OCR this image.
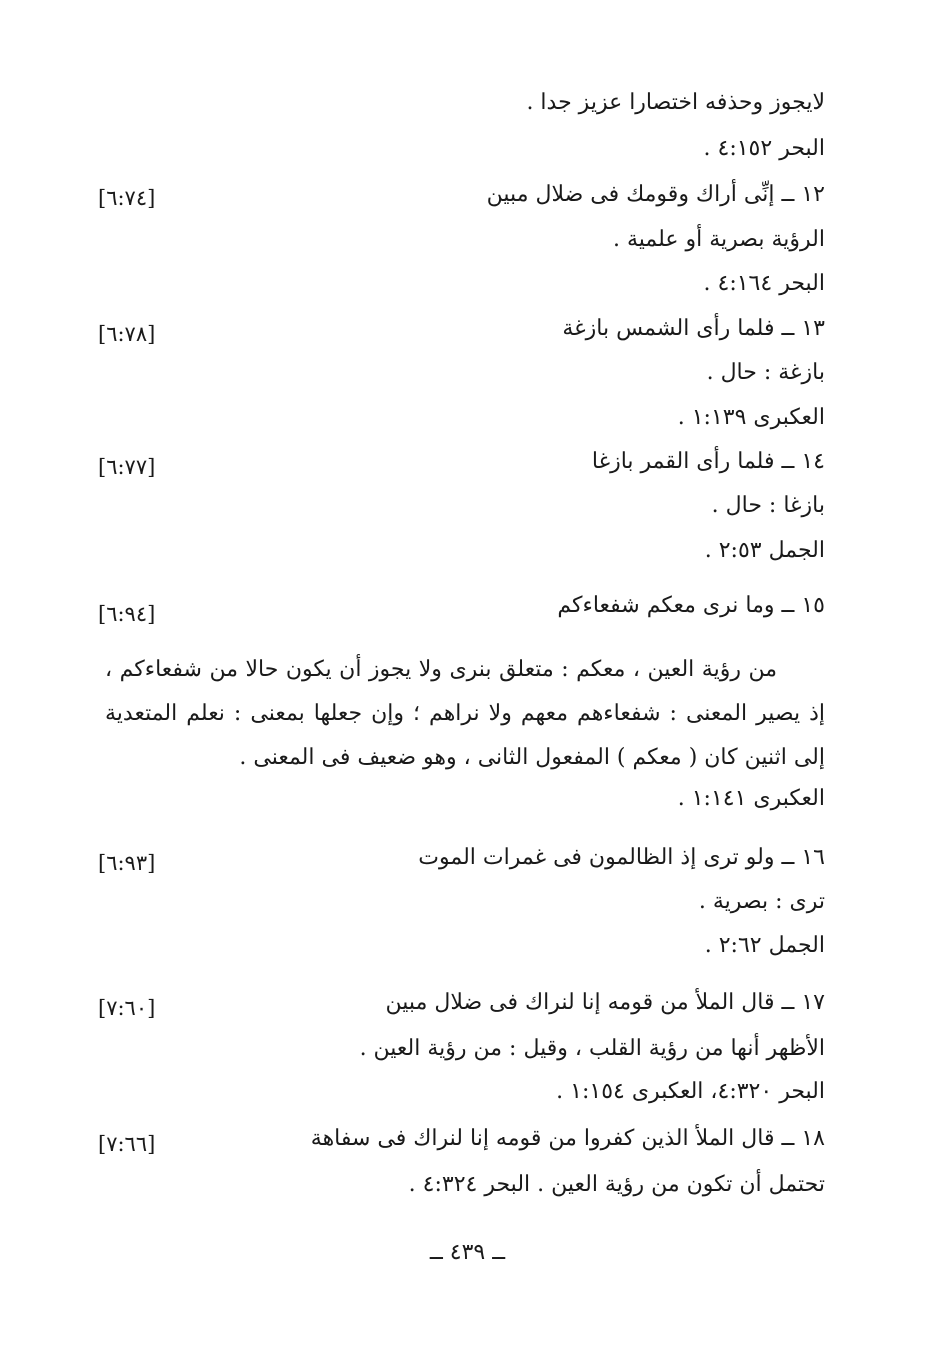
لايجوز وحذفه اختصارا عزيز جدا .
البحر ٤:١٥٢ .
١٢ ــ إنِّى أراك وقومك فى ضلال مبين
[٦:٧٤]
الرؤية بصرية أو علمية .
البحر ٤:١٦٤ .
١٣ ــ فلما رأى الشمس بازغة
[٦:٧٨]
بازغة : حال .
العكبرى ١:١٣٩ .
١٤ ــ فلما رأى القمر بازغا
[٦:٧٧]
بازغا : حال .
الجمل ٢:٥٣ .
١٥ ــ وما نرى معكم شفعاءكم
[٦:٩٤]
من رؤية العين ، معكم : متعلق بنرى ولا يجوز أن يكون حالا من شفعاءكم ، إذ يصير المعنى : شفعاءهم معهم ولا نراهم ؛ وإن جعلها بمعنى : نعلم المتعدية إلى اثنين كان ( معكم ) المفعول الثانى ، وهو ضعيف فى المعنى .
العكبرى ١:١٤١ .
١٦ ــ ولو ترى إذ الظالمون فى غمرات الموت
[٦:٩٣]
ترى : بصرية .
الجمل ٢:٦٢ .
١٧ ــ قال الملأ من قومه إنا لنراك فى ضلال مبين
[٧:٦٠]
الأظهر أنها من رؤية القلب ، وقيل : من رؤية العين .
البحر ٤:٣٢٠، العكبرى ١:١٥٤ .
١٨ ــ قال الملأ الذين كفروا من قومه إنا لنراك فى سفاهة
[٧:٦٦]
تحتمل أن تكون من رؤية العين . البحر ٤:٣٢٤ .
ــ ٤٣٩ ــ
